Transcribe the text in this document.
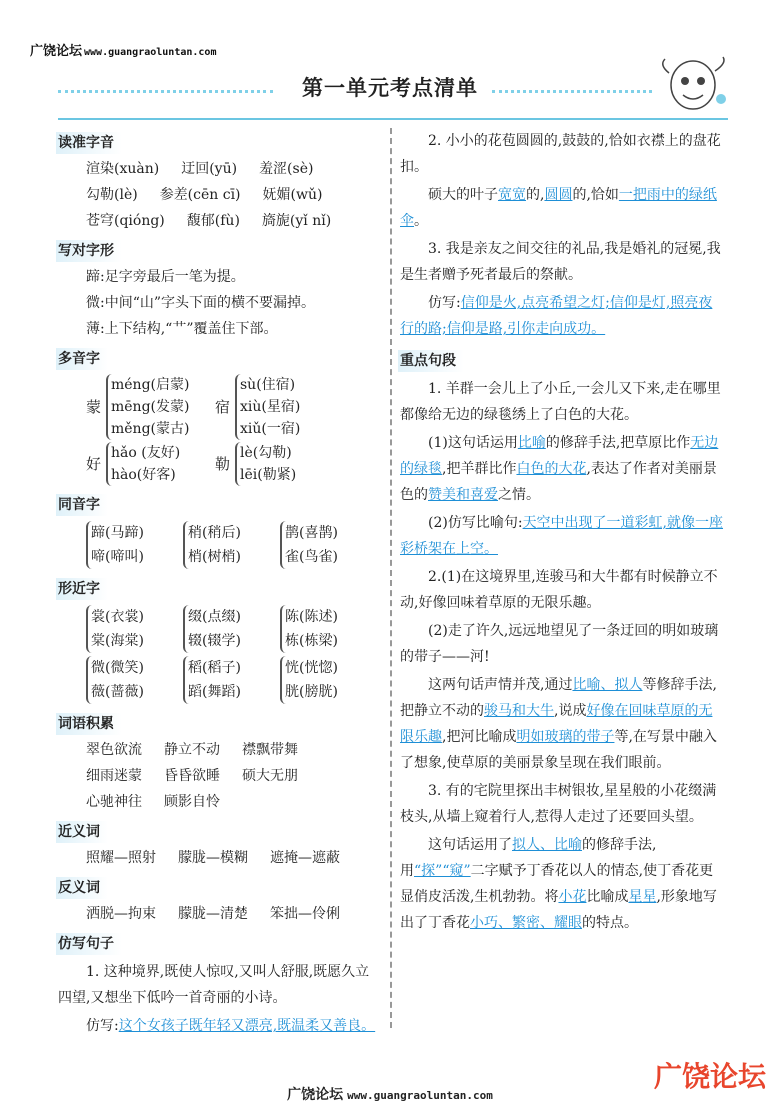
广饶论坛 www.guangraoluntan.com
第一单元考点清单
读准字音
渲染(xuàn) 迂回(yū) 羞涩(sè)
勾勒(lè) 参差(cēn cī) 妩媚(wǔ)
苍穹(qióng) 馥郁(fù) 旖旎(yǐ nǐ)
写对字形
蹄:足字旁最后一笔为提。
微:中间“山”字头下面的横不要漏掉。
薄:上下结构,“艹”覆盖住下部。
多音字
蒙
méng(启蒙)
mēng(发蒙)
měng(蒙古)
宿
sù(住宿)
xiù(星宿)
xiǔ(一宿)
好
hǎo (友好)
hào(好客)
勒
lè(勾勒)
lēi(勒紧)
同音字
蹄(马蹄)
啼(啼叫)
稍(稍后)
梢(树梢)
鹊(喜鹊)
雀(鸟雀)
形近字
裳(衣裳)
棠(海棠)
缀(点缀)
辍(辍学)
陈(陈述)
栋(栋梁)
微(微笑)
薇(蔷薇)
稻(稻子)
蹈(舞蹈)
恍(恍惚)
胱(膀胱)
词语积累
翠色欲流 静立不动 襟飘带舞
细雨迷蒙 昏昏欲睡 硕大无朋
心驰神往 顾影自怜
近义词
照耀—照射 朦胧—模糊 遮掩—遮蔽
反义词
洒脱—拘束 朦胧—清楚 笨拙—伶俐
仿写句子
1. 这种境界,既使人惊叹,又叫人舒服,既愿久立四望,又想坐下低吟一首奇丽的小诗。
仿写:这个女孩子既年轻又漂亮,既温柔又善良。
2. 小小的花苞圆圆的,鼓鼓的,恰如衣襟上的盘花扣。
硕大的叶子宽宽的,圆圆的,恰如一把雨中的绿纸伞。
3. 我是亲友之间交往的礼品,我是婚礼的冠冕,我是生者赠予死者最后的祭献。
仿写:信仰是火,点亮希望之灯;信仰是灯,照亮夜行的路;信仰是路,引你走向成功。
重点句段
1. 羊群一会儿上了小丘,一会儿又下来,走在哪里都像给无边的绿毯绣上了白色的大花。
(1)这句话运用比喻的修辞手法,把草原比作无边的绿毯,把羊群比作白色的大花,表达了作者对美丽景色的赞美和喜爱之情。
(2)仿写比喻句:天空中出现了一道彩虹,就像一座彩桥架在上空。
2.(1)在这境界里,连骏马和大牛都有时候静立不动,好像回味着草原的无限乐趣。
(2)走了许久,远远地望见了一条迂回的明如玻璃的带子——河!
这两句话声情并茂,通过比喻、拟人等修辞手法,把静立不动的骏马和大牛,说成好像在回味草原的无限乐趣,把河比喻成明如玻璃的带子等,在写景中融入了想象,使草原的美丽景象呈现在我们眼前。
3. 有的宅院里探出丰树银妆,星星般的小花缀满枝头,从墙上窥着行人,惹得人走过了还要回头望。
这句话运用了拟人、比喻的修辞手法,用“探”“窥”二字赋予丁香花以人的情态,使丁香花更显俏皮活泼,生机勃勃。将小花比喻成星星,形象地写出了丁香花小巧、繁密、耀眼的特点。
广饶论坛 www.guangraoluntan.com
广饶论坛
